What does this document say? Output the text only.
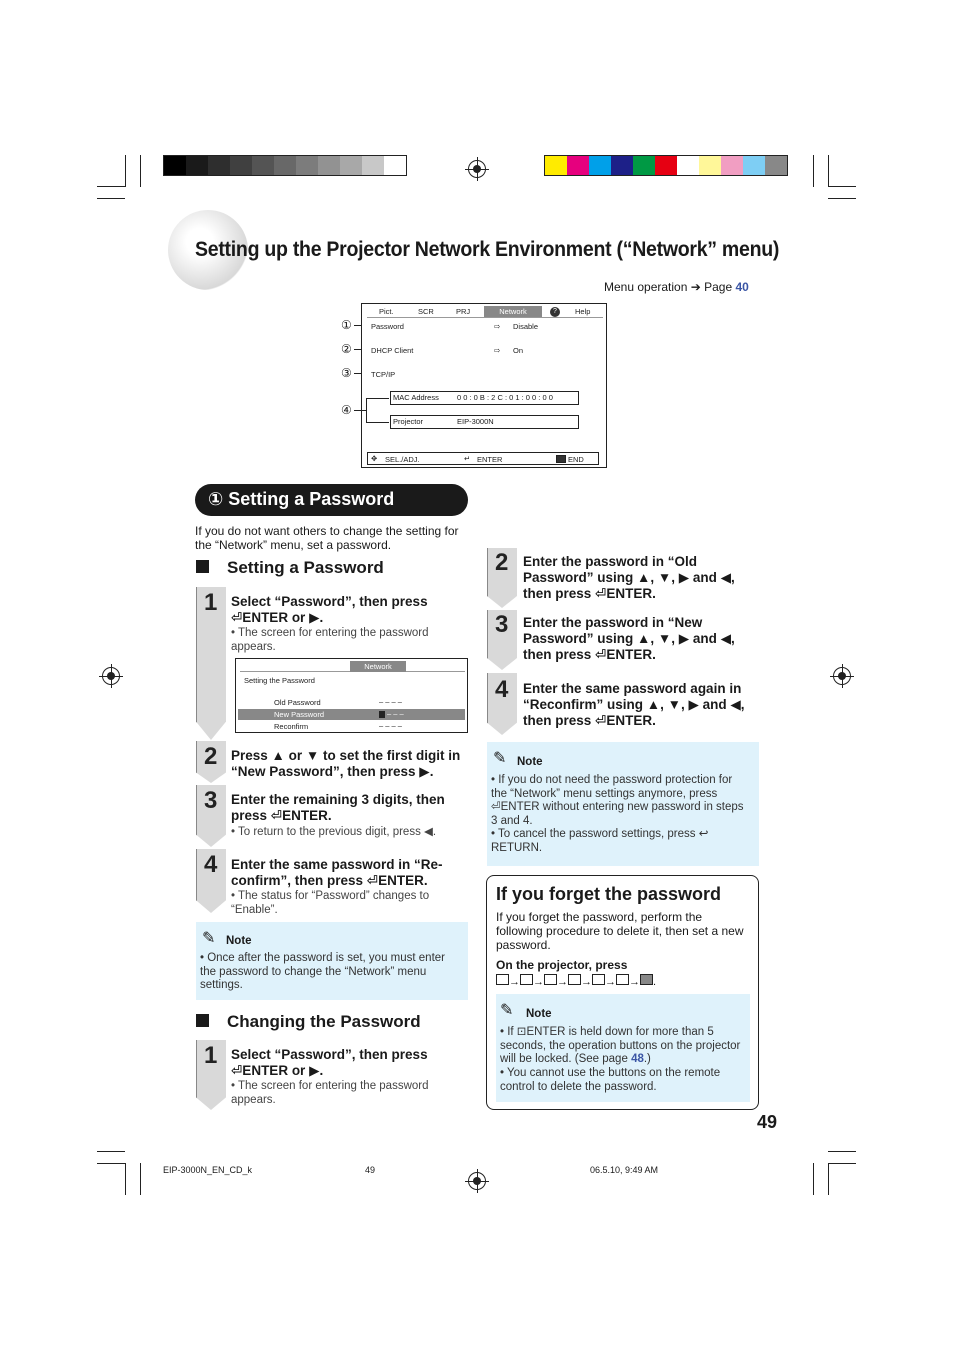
Setting up the Projector Network Environment (“Network” menu)
Menu operation ➔ Page 40
Pict.	SCR	PRJ	Network	?	Help
Password	⇨ Disable
DHCP Client	⇨ On
TCP/IP
MAC Address 0 0 : 0 B : 2 C : 0 1 : 0 0 : 0 0
Projector	EIP-3000N
✥ SEL./ADJ.	↵ ENTER	END
①
②
③
④
① Setting a Password
If you do not want others to change the setting for the “Network” menu, set a password.
Setting a Password
1 Select “Password”, then press ⏎ENTER or ▶.
• The screen for entering the password appears.
Network
Setting the Password
Old Password	– – – –
New Password	– – –
Reconfirm	– – – –
2 Press ▲ or ▼ to set the first digit in “New Password”, then press ▶.
3 Enter the remaining 3 digits, then press ⏎ENTER.
• To return to the previous digit, press ◀.
4 Enter the same password in “Re-confirm”, then press ⏎ENTER.
• The status for “Password” changes to “Enable”.
✎ Note
• Once after the password is set, you must enter the password to change the “Network” menu settings.
Changing the Password
1 Select “Password”, then press ⏎ENTER or ▶.
• The screen for entering the password appears.
2 Enter the password in “Old Password” using ▲, ▼, ▶ and ◀, then press ⏎ENTER.
3 Enter the password in “New Password” using ▲, ▼, ▶ and ◀, then press ⏎ENTER.
4 Enter the same password again in “Reconfirm” using ▲, ▼, ▶ and ◀, then press ⏎ENTER.
✎ Note
• If you do not need the password protection for the “Network” menu settings anymore, press ⏎ENTER without entering new password in steps 3 and 4.
• To cancel the password settings, press ↩ RETURN.
If you forget the password
If you forget the password, perform the following procedure to delete it, then set a new password.
On the projector, press
→ → → → → → .
✎ Note
• If ⊡ENTER is held down for more than 5 seconds, the operation buttons on the projector will be locked. (See page 48.)
• You cannot use the buttons on the remote control to delete the password.
49
EIP-3000N_EN_CD_k	49	06.5.10, 9:49 AM
